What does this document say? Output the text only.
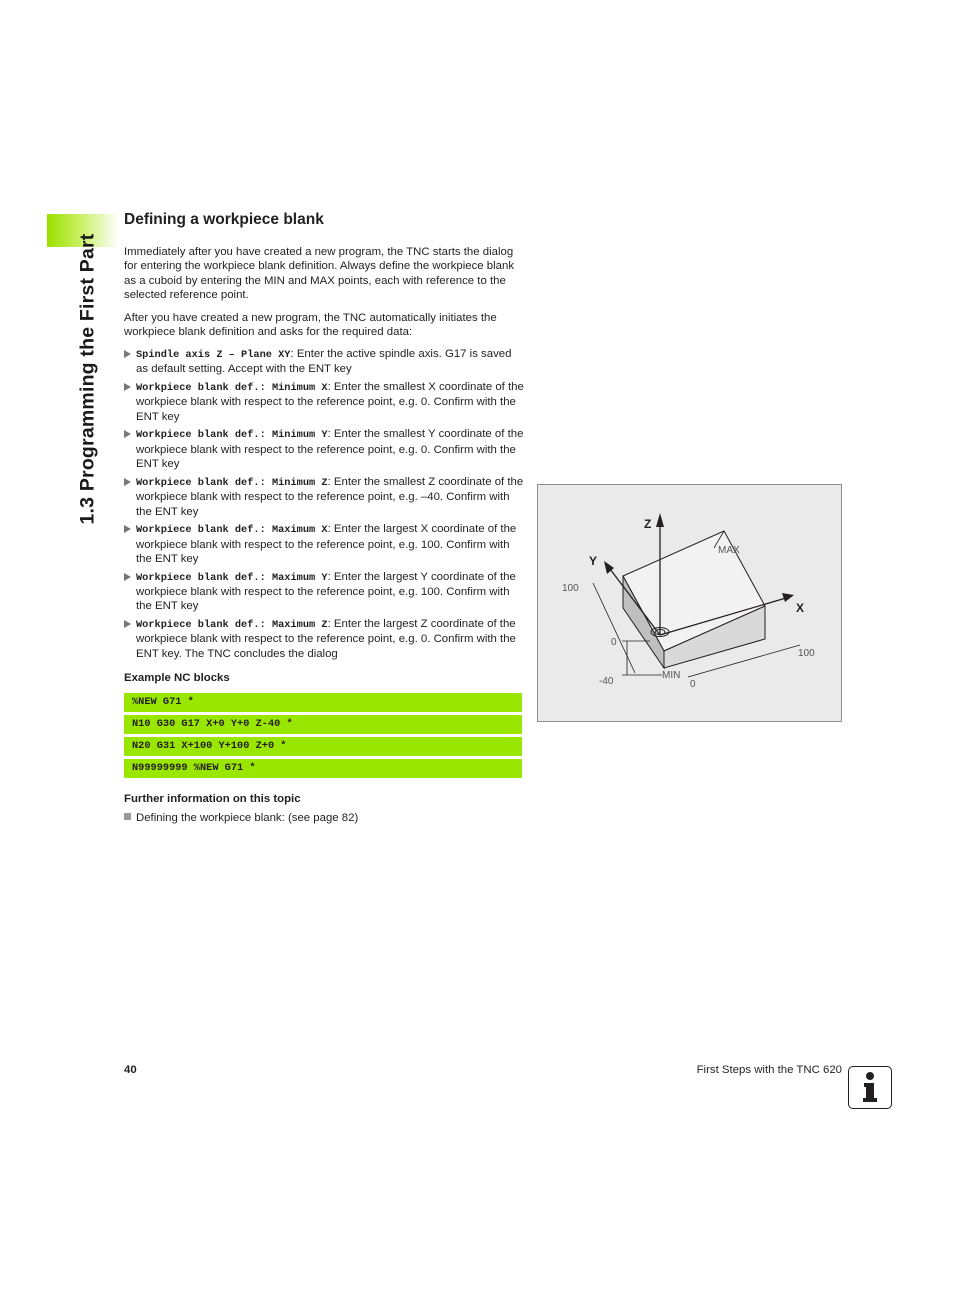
1.3 Programming the First Part
Defining a workpiece blank

Immediately after you have created a new program, the TNC starts the dialog for entering the workpiece blank definition. Always define the workpiece blank as a cuboid by entering the MIN and MAX points, each with reference to the selected reference point.

After you have created a new program, the TNC automatically initiates the workpiece blank definition and asks for the required data:

Spindle axis Z – Plane XY: Enter the active spindle axis. G17 is saved as default setting. Accept with the ENT key
Workpiece blank def.: Minimum X: Enter the smallest X coordinate of the workpiece blank with respect to the reference point, e.g. 0. Confirm with the ENT key
Workpiece blank def.: Minimum Y: Enter the smallest Y coordinate of the workpiece blank with respect to the reference point, e.g. 0. Confirm with the ENT key
Workpiece blank def.: Minimum Z: Enter the smallest Z coordinate of the workpiece blank with respect to the reference point, e.g. –40. Confirm with the ENT key
Workpiece blank def.: Maximum X: Enter the largest X coordinate of the workpiece blank with respect to the reference point, e.g. 100. Confirm with the ENT key
Workpiece blank def.: Maximum Y: Enter the largest Y coordinate of the workpiece blank with respect to the reference point, e.g. 100. Confirm with the ENT key
Workpiece blank def.: Maximum Z: Enter the largest Z coordinate of the workpiece blank with respect to the reference point, e.g. 0. Confirm with the ENT key. The TNC concludes the dialog

Example NC blocks

%NEW G71 *
N10 G30 G17 X+0 Y+0 Z-40 *
N20 G31 X+100 Y+100 Z+0 *
N99999999 %NEW G71 *

Further information on this topic

Defining the workpiece blank: (see page 82)
Z
Y
X
MAX
MIN
100
0
-40	0
100
40	First Steps with the TNC 620
